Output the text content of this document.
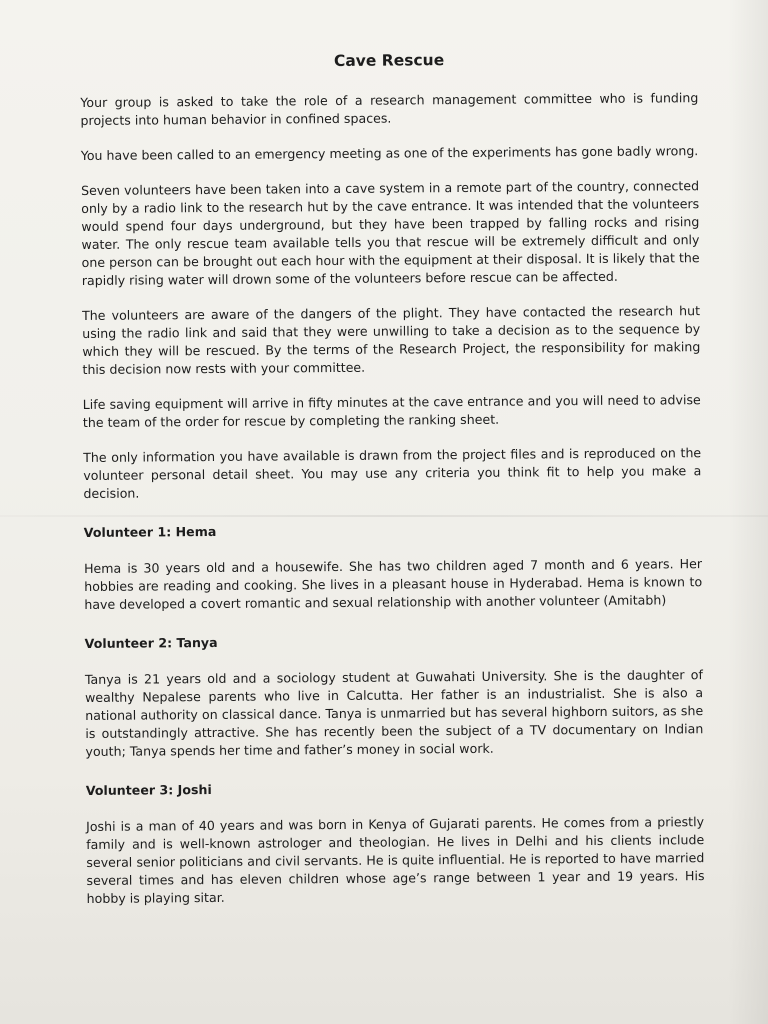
Cave Rescue

Your group is asked to take the role of a research management committee who is funding projects into human behavior in confined spaces.

You have been called to an emergency meeting as one of the experiments has gone badly wrong.

Seven volunteers have been taken into a cave system in a remote part of the country, connected only by a radio link to the research hut by the cave entrance. It was intended that the volunteers would spend four days underground, but they have been trapped by falling rocks and rising water. The only rescue team available tells you that rescue will be extremely difficult and only one person can be brought out each hour with the equipment at their disposal. It is likely that the rapidly rising water will drown some of the volunteers before rescue can be affected.

The volunteers are aware of the dangers of the plight. They have contacted the research hut using the radio link and said that they were unwilling to take a decision as to the sequence by which they will be rescued. By the terms of the Research Project, the responsibility for making this decision now rests with your committee.

Life saving equipment will arrive in fifty minutes at the cave entrance and you will need to advise the team of the order for rescue by completing the ranking sheet.

The only information you have available is drawn from the project files and is reproduced on the volunteer personal detail sheet. You may use any criteria you think fit to help you make a decision.

Volunteer 1: Hema

Hema is 30 years old and a housewife. She has two children aged 7 month and 6 years. Her hobbies are reading and cooking. She lives in a pleasant house in Hyderabad. Hema is known to have developed a covert romantic and sexual relationship with another volunteer (Amitabh)

Volunteer 2: Tanya

Tanya is 21 years old and a sociology student at Guwahati University. She is the daughter of wealthy Nepalese parents who live in Calcutta. Her father is an industrialist. She is also a national authority on classical dance. Tanya is unmarried but has several highborn suitors, as she is outstandingly attractive. She has recently been the subject of a TV documentary on Indian youth; Tanya spends her time and father’s money in social work.

Volunteer 3: Joshi

Joshi is a man of 40 years and was born in Kenya of Gujarati parents. He comes from a priestly family and is well-known astrologer and theologian. He lives in Delhi and his clients include several senior politicians and civil servants. He is quite influential. He is reported to have married several times and has eleven children whose age’s range between 1 year and 19 years. His hobby is playing sitar.
